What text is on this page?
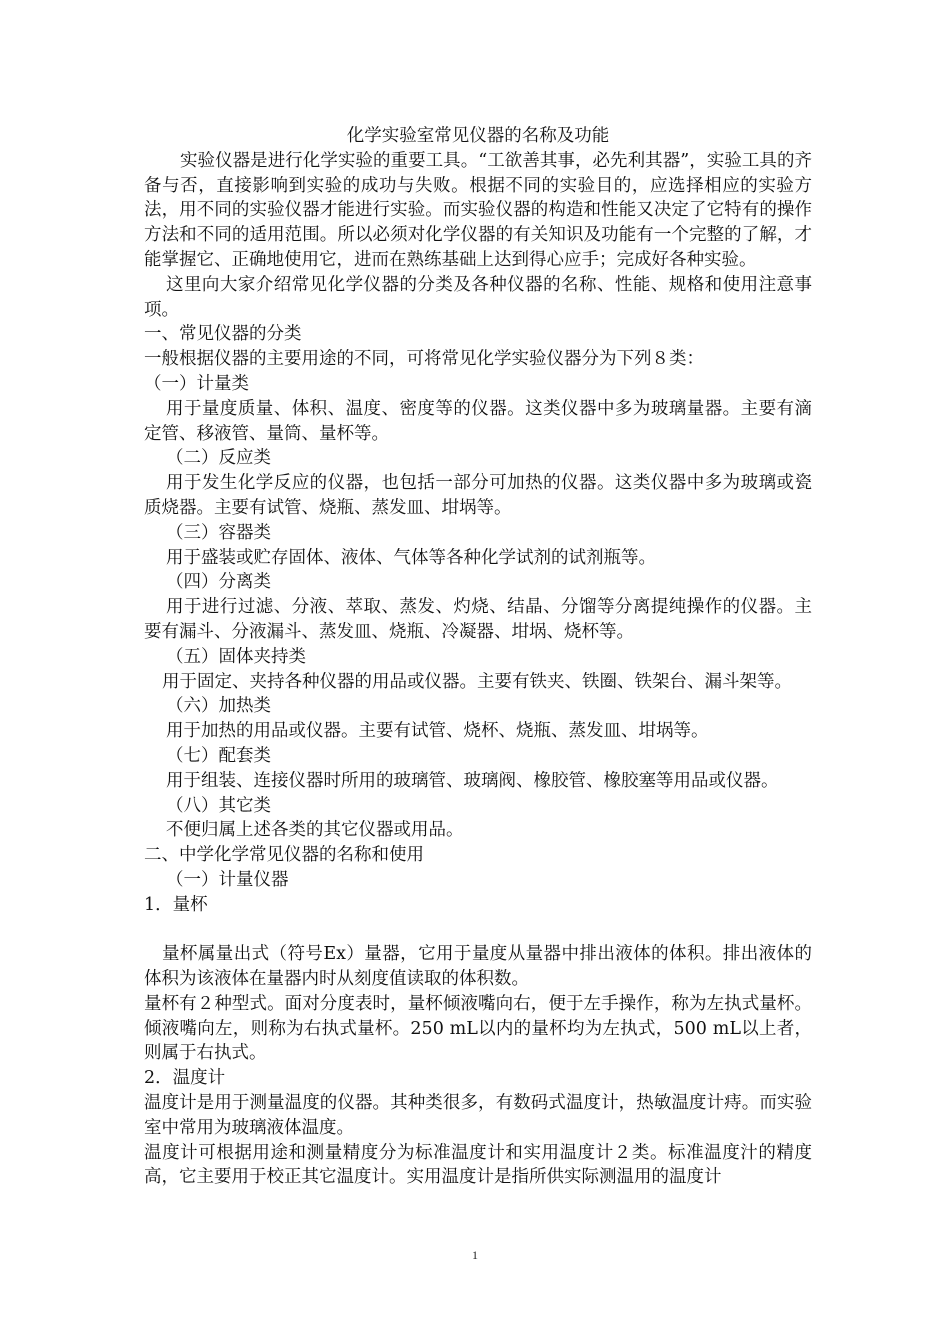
化学实验室常见仪器的名称及功能

实验仪器是进行化学实验的重要工具。“工欲善其事，必先利其器”，实验工具的齐备与否，直接影响到实验的成功与失败。根据不同的实验目的，应选择相应的实验方法，用不同的实验仪器才能进行实验。而实验仪器的构造和性能又决定了它特有的操作方法和不同的适用范围。所以必须对化学仪器的有关知识及功能有一个完整的了解，才能掌握它、正确地使用它，进而在熟练基础上达到得心应手；完成好各种实验。

这里向大家介绍常见化学仪器的分类及各种仪器的名称、性能、规格和使用注意事项。

一、常见仪器的分类

一般根据仪器的主要用途的不同，可将常见化学实验仪器分为下列８类：

（一）计量类

用于量度质量、体积、温度、密度等的仪器。这类仪器中多为玻璃量器。主要有滴定管、移液管、量筒、量杯等。

（二）反应类

用于发生化学反应的仪器，也包括一部分可加热的仪器。这类仪器中多为玻璃或瓷质烧器。主要有试管、烧瓶、蒸发皿、坩埚等。

（三）容器类

用于盛装或贮存固体、液体、气体等各种化学试剂的试剂瓶等。

（四）分离类

用于进行过滤、分液、萃取、蒸发、灼烧、结晶、分馏等分离提纯操作的仪器。主要有漏斗、分液漏斗、蒸发皿、烧瓶、冷凝器、坩埚、烧杯等。

（五）固体夹持类

用于固定、夹持各种仪器的用品或仪器。主要有铁夹、铁圈、铁架台、漏斗架等。

（六）加热类

用于加热的用品或仪器。主要有试管、烧杯、烧瓶、蒸发皿、坩埚等。

（七）配套类

用于组装、连接仪器时所用的玻璃管、玻璃阀、橡胶管、橡胶塞等用品或仪器。

（八）其它类

不便归属上述各类的其它仪器或用品。

二、中学化学常见仪器的名称和使用

（一）计量仪器

1．量杯

量杯属量出式（符号Ex）量器，它用于量度从量器中排出液体的体积。排出液体的体积为该液体在量器内时从刻度值读取的体积数。

量杯有２种型式。面对分度表时，量杯倾液嘴向右，便于左手操作，称为左执式量杯。倾液嘴向左，则称为右执式量杯。250 mL以内的量杯均为左执式，500 mL以上者，则属于右执式。

2．温度计

温度计是用于测量温度的仪器。其种类很多，有数码式温度计，热敏温度计痔。而实验室中常用为玻璃液体温度。

温度计可根据用途和测量精度分为标准温度计和实用温度计２类。标准温度汁的精度高，它主要用于校正其它温度计。实用温度计是指所供实际测温用的温度计

1
